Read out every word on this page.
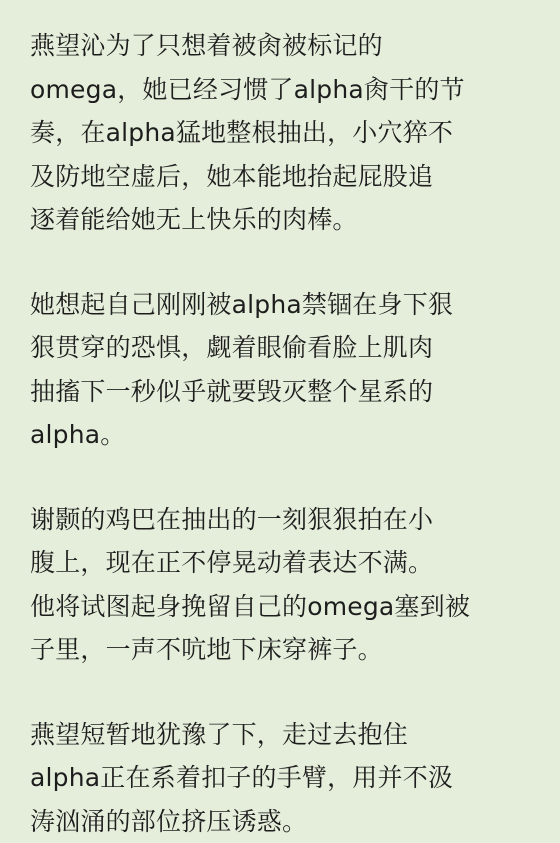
燕望沁为了只想着被肏被标记的
omega，她已经习惯了alpha肏干的节
奏，在alpha猛地整根抽出，小穴猝不
及防地空虚后，她本能地抬起屁股追
逐着能给她无上快乐的肉棒。
她想起自己刚刚被alpha禁锢在身下狠
狠贯穿的恐惧，觑着眼偷看脸上肌肉
抽搐下一秒似乎就要毁灭整个星系的
alpha。
谢颢的鸡巴在抽出的一刻狠狠拍在小
腹上，现在正不停晃动着表达不满。
他将试图起身挽留自己的omega塞到被
子里，一声不吭地下床穿裤子。
燕望短暂地犹豫了下，走过去抱住
alpha正在系着扣子的手臂，用并不汲
涛汹涌的部位挤压诱惑。
